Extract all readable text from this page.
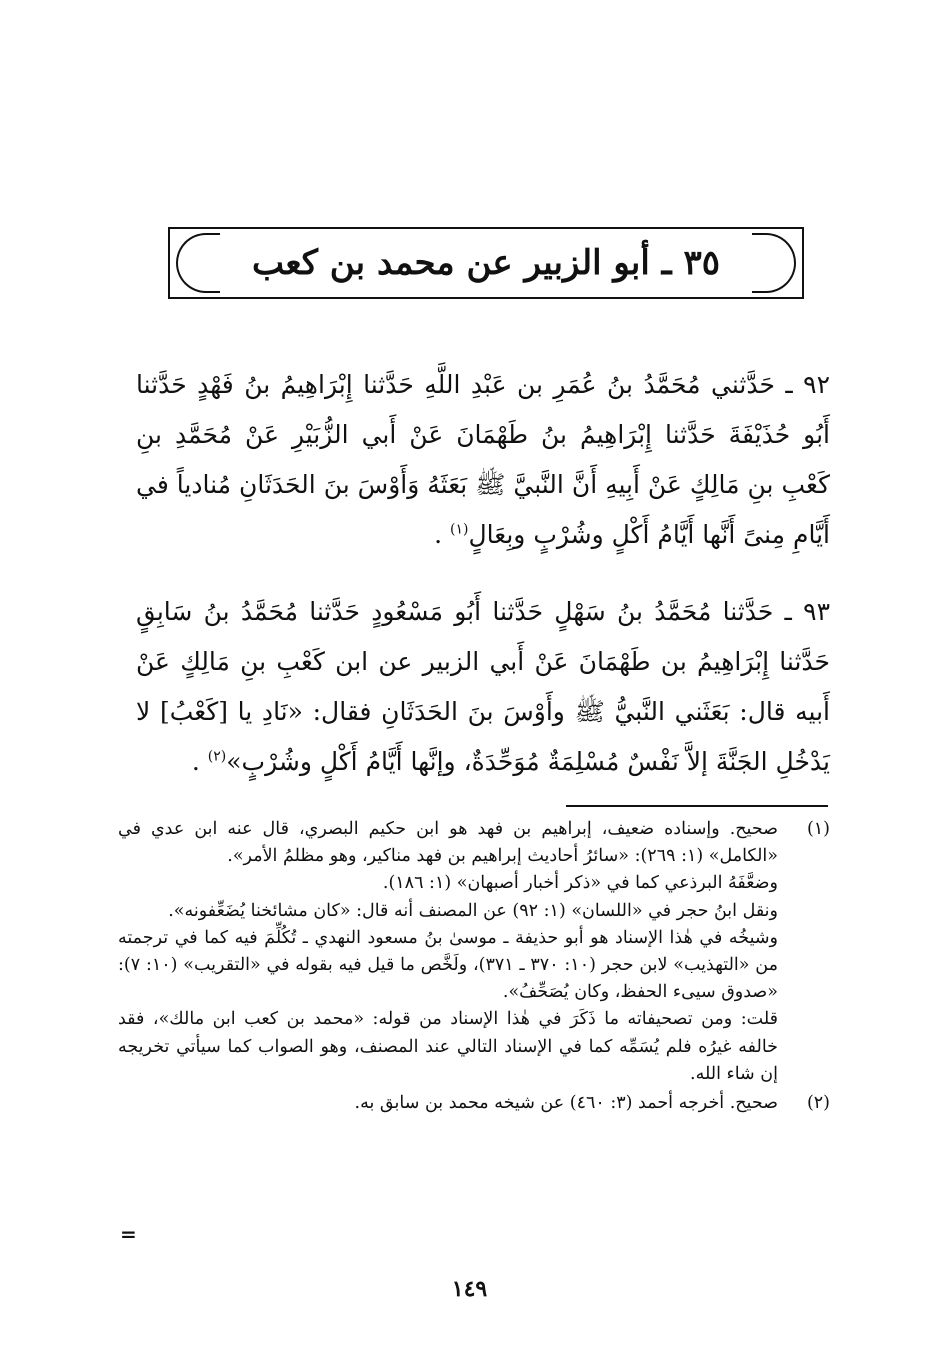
٣٥ ـ أبو الزبير عن محمد بن كعب
٩٢ ـ حَدَّثني مُحَمَّدُ بنُ عُمَرِ بن عَبْدِ اللَّهِ حَدَّثنا إِبْرَاهِيمُ بنُ فَهْدٍ حَدَّثنا أَبُو حُذَيْفَةَ حَدَّثنا إِبْرَاهِيمُ بنُ طَهْمَانَ عَنْ أَبي الزُّبَيْرِ عَنْ مُحَمَّدِ بنِ كَعْبِ بنِ مَالِكٍ عَنْ أَبِيهِ أَنَّ النَّبيَّ ﷺ بَعَثَهُ وَأَوْسَ بنَ الحَدَثَانِ مُنادياً في أَيَّامِ مِنىً أَنَّها أَيَّامُ أَكْلٍ وشُرْبٍ وبِعَالٍ$^{(١)}$ .
٩٣ ـ حَدَّثنا مُحَمَّدُ بنُ سَهْلٍ حَدَّثنا أَبُو مَسْعُودٍ حَدَّثنا مُحَمَّدُ بنُ سَابِقٍ حَدَّثنا إِبْرَاهِيمُ بن طَهْمَانَ عَنْ أَبي الزبير عن ابن كَعْبِ بنِ مَالِكٍ عَنْ أَبيه قال: بَعَثَني النَّبيُّ ﷺ وأَوْسَ بنَ الحَدَثَانِ فقال: «نَادِ يا [كَعْبُ] لا يَدْخُلِ الجَنَّةَ إلاَّ نَفْسٌ مُسْلِمَةٌ مُوَحِّدَةٌ، وإنَّها أَيَّامُ أَكْلٍ وشُرْبٍ»$^{(٢)}$ .
(١)

صحيح. وإسناده ضعيف، إبراهيم بن فهد هو ابن حكيم البصري، قال عنه ابن عدي في «الكامل» (١: ٢٦٩): «سائرُ أحاديث إبراهيم بن فهد مناكير، وهو مظلمُ الأمر».

وضعَّفَهُ البرذعي كما في «ذكر أخبار أصبهان» (١: ١٨٦).

ونقل ابنُ حجر في «اللسان» (١: ٩٢) عن المصنف أنه قال: «كان مشائخنا يُضَعِّفونه».

وشيخُه في هٰذا الإسناد هو أبو حذيفة ـ موسىٰ بنُ مسعود النهدي ـ تُكُلِّمَ فيه كما في ترجمته من «التهذيب» لابن حجر (١٠: ٣٧٠ ـ ٣٧١)، ولَخَّص ما قيل فيه بقوله في «التقريب» (١٠: ٧): «صدوق سيىء الحفظ، وكان يُصَحِّفُ».

قلت: ومن تصحيفاته ما ذَكَرَ في هٰذا الإسناد من قوله: «محمد بن كعب ابن مالك»، فقد خالفه غيرُه فلم يُسَمِّه كما في الإسناد التالي عند المصنف، وهو الصواب كما سيأتي تخريجه إن شاء الله.

(٢)

صحيح. أخرجه أحمد (٣: ٤٦٠) عن شيخه محمد بن سابق به.

=
١٤٩
